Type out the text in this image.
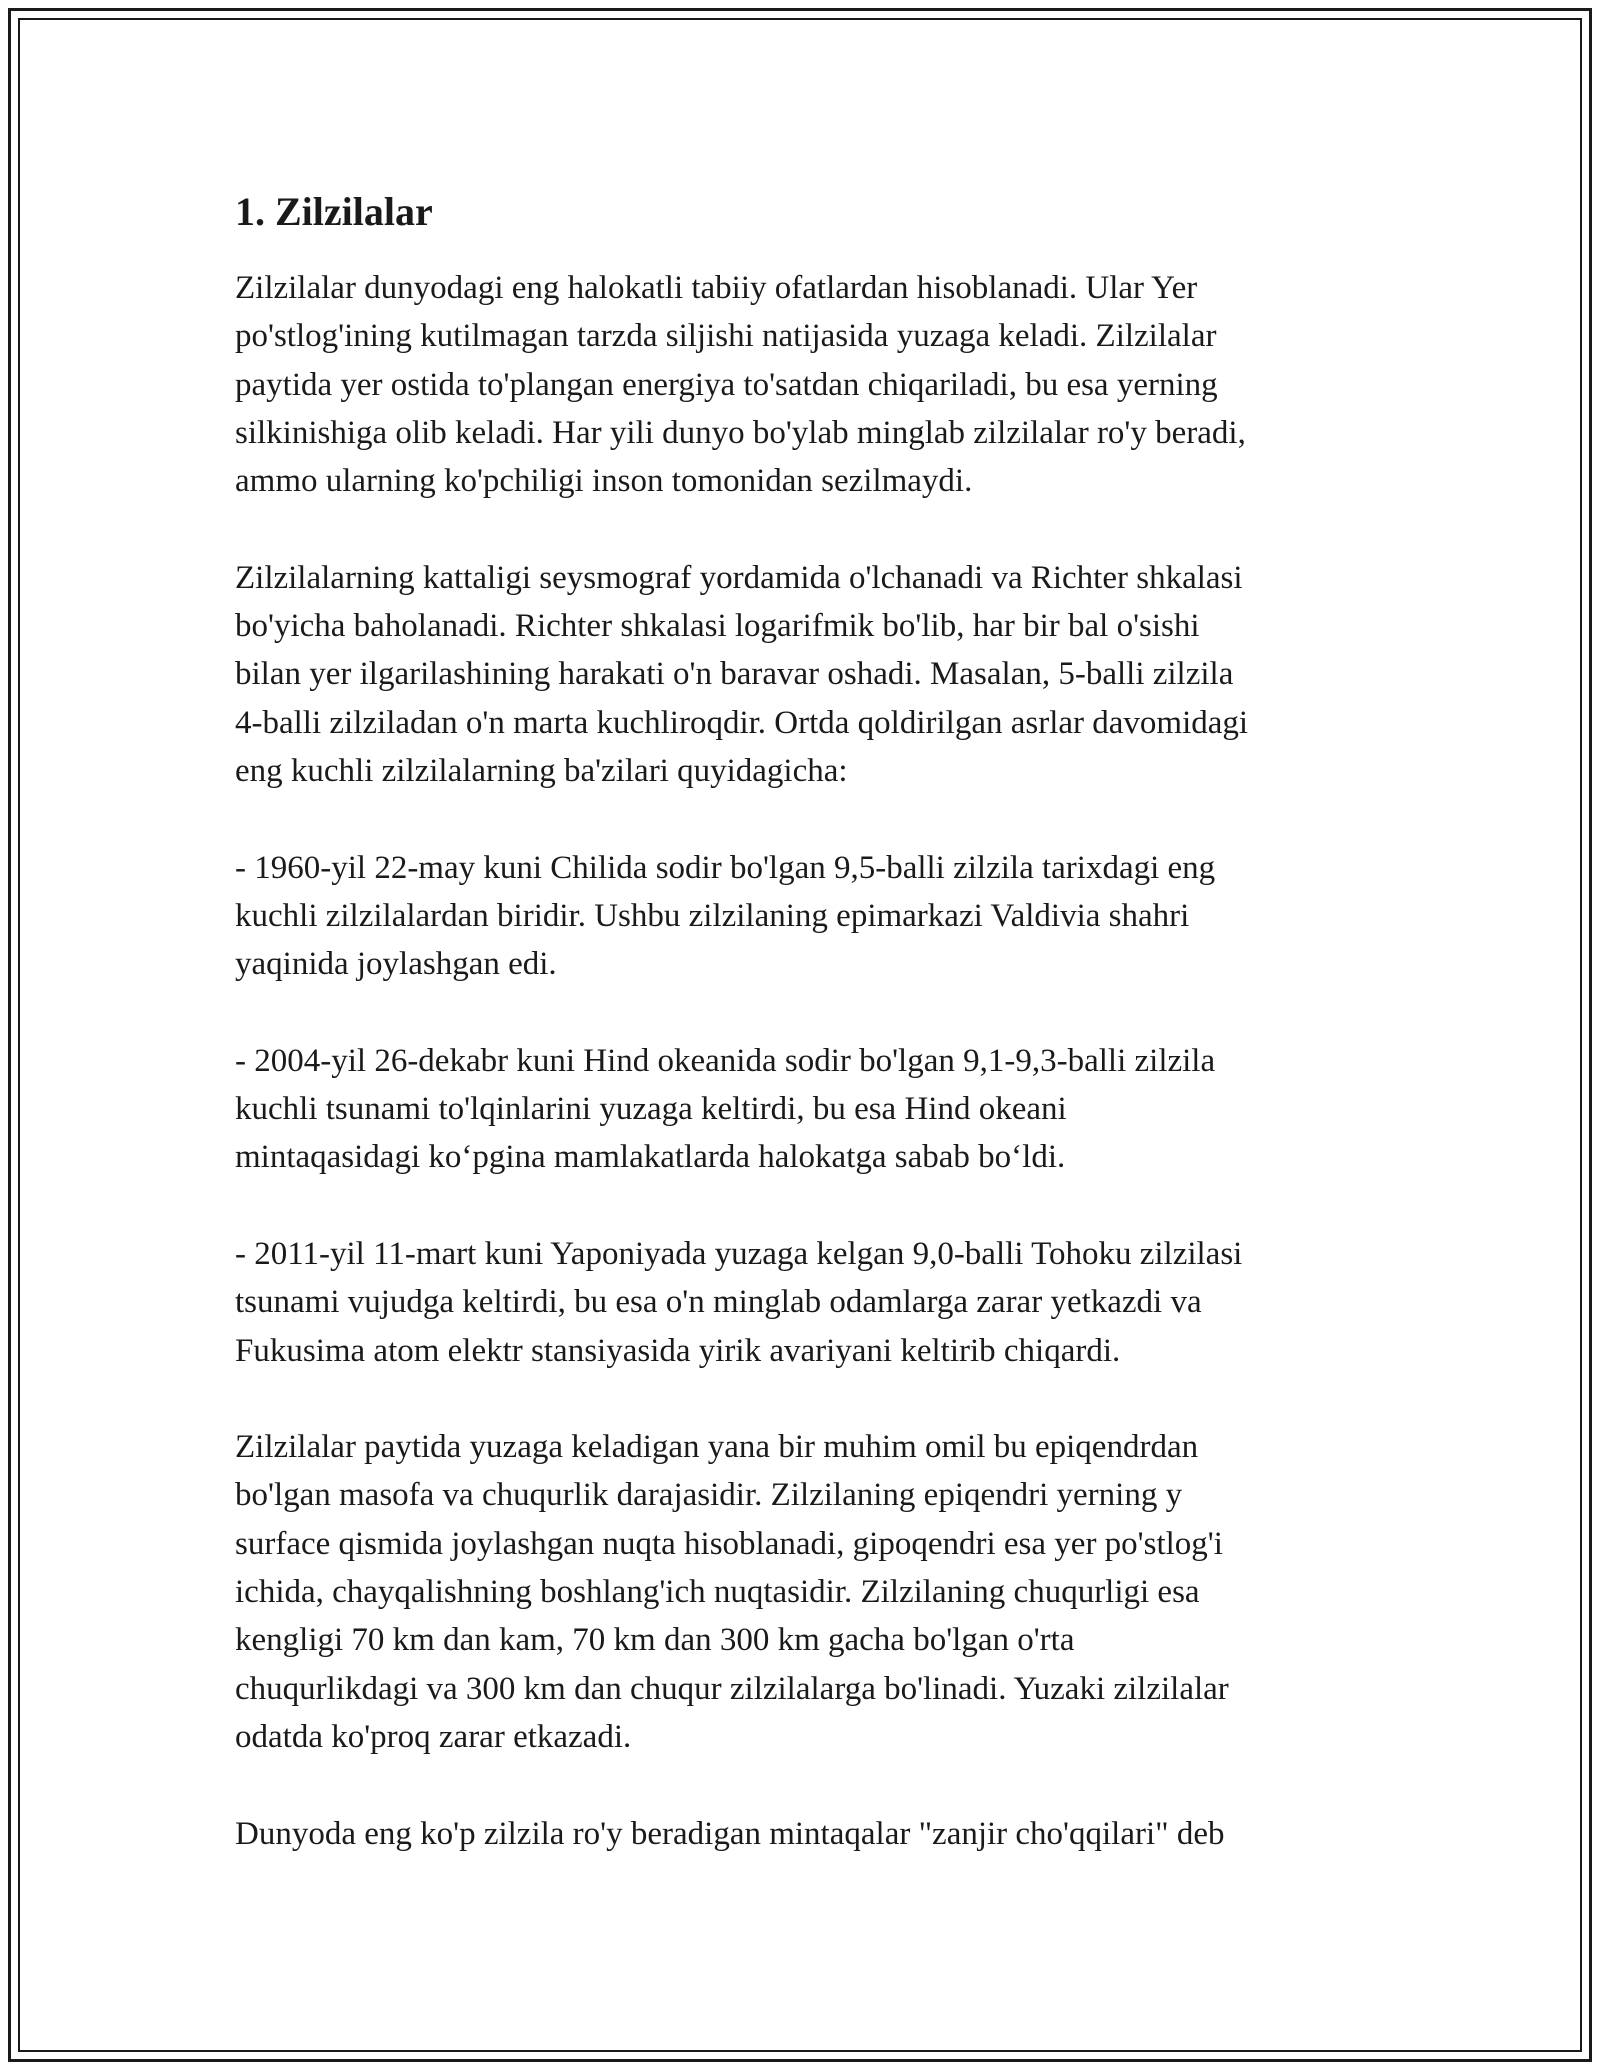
1. Zilzilalar

Zilzilalar dunyodagi eng halokatli tabiiy ofatlardan hisoblanadi. Ular Yer
po'stlog'ining kutilmagan tarzda siljishi natijasida yuzaga keladi. Zilzilalar
paytida yer ostida to'plangan energiya to'satdan chiqariladi, bu esa yerning
silkinishiga olib keladi. Har yili dunyo bo'ylab minglab zilzilalar ro'y beradi,
ammo ularning ko'pchiligi inson tomonidan sezilmaydi.

Zilzilalarning kattaligi seysmograf yordamida o'lchanadi va Richter shkalasi
bo'yicha baholanadi. Richter shkalasi logarifmik bo'lib, har bir bal o'sishi
bilan yer ilgarilashining harakati o'n baravar oshadi. Masalan, 5-balli zilzila
4-balli zilziladan o'n marta kuchliroqdir. Ortda qoldirilgan asrlar davomidagi
eng kuchli zilzilalarning ba'zilari quyidagicha:

- 1960-yil 22-may kuni Chilida sodir bo'lgan 9,5-balli zilzila tarixdagi eng
kuchli zilzilalardan biridir. Ushbu zilzilaning epimarkazi Valdivia shahri
yaqinida joylashgan edi.

- 2004-yil 26-dekabr kuni Hind okeanida sodir bo'lgan 9,1-9,3-balli zilzila
kuchli tsunami to'lqinlarini yuzaga keltirdi, bu esa Hind okeani
mintaqasidagi ko‘pgina mamlakatlarda halokatga sabab bo‘ldi.

- 2011-yil 11-mart kuni Yaponiyada yuzaga kelgan 9,0-balli Tohoku zilzilasi
tsunami vujudga keltirdi, bu esa o'n minglab odamlarga zarar yetkazdi va
Fukusima atom elektr stansiyasida yirik avariyani keltirib chiqardi.

Zilzilalar paytida yuzaga keladigan yana bir muhim omil bu epiqendrdan
bo'lgan masofa va chuqurlik darajasidir. Zilzilaning epiqendri yerning y
surface qismida joylashgan nuqta hisoblanadi, gipoqendri esa yer po'stlog'i
ichida, chayqalishning boshlang'ich nuqtasidir. Zilzilaning chuqurligi esa
kengligi 70 km dan kam, 70 km dan 300 km gacha bo'lgan o'rta
chuqurlikdagi va 300 km dan chuqur zilzilalarga bo'linadi. Yuzaki zilzilalar
odatda ko'proq zarar etkazadi.

Dunyoda eng ko'p zilzila ro'y beradigan mintaqalar "zanjir cho'qqilari" deb
